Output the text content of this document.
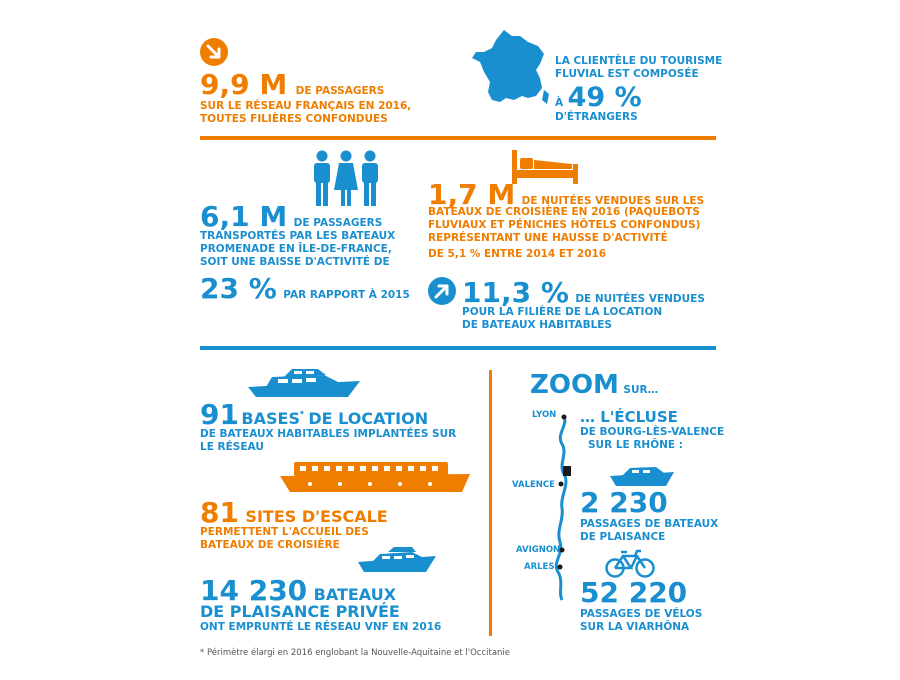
9,9 M DE PASSAGERS
SUR LE RÉSEAU FRANÇAIS EN 2016,
TOUTES FILIÈRES CONFONDUES
LA CLIENTÈLE DU TOURISME
FLUVIAL EST COMPOSÉE
À 49 %
D'ÉTRANGERS
6,1 M DE PASSAGERS
TRANSPORTÉS PAR LES BATEAUX
PROMENADE EN ÎLE-DE-FRANCE,
SOIT UNE BAISSE D'ACTIVITÉ DE
23 % PAR RAPPORT À 2015
1,7 M DE NUITÉES VENDUES SUR LES
BATEAUX DE CROISIÈRE EN 2016 (PAQUEBOTS
FLUVIAUX ET PÉNICHES HÔTELS CONFONDUS)
REPRÉSENTANT UNE HAUSSE D'ACTIVITÉ
DE 5,1 % ENTRE 2014 ET 2016
11,3 % DE NUITÉES VENDUES
POUR LA FILIÈRE DE LA LOCATION
DE BATEAUX HABITABLES
91 BASES* DE LOCATION
DE BATEAUX HABITABLES IMPLANTÉES SUR
LE RÉSEAU
81 SITES D'ESCALE
PERMETTENT L'ACCUEIL DES
BATEAUX DE CROISIÈRE
14 230 BATEAUX
DE PLAISANCE PRIVÉE
ONT EMPRUNTÉ LE RÉSEAU VNF EN 2016
ZOOM SUR…
LYON
VALENCE
AVIGNON
ARLES
… L'ÉCLUSE
DE BOURG-LÈS-VALENCE
SUR LE RHÔNE :
2 230
PASSAGES DE BATEAUX
DE PLAISANCE
52 220
PASSAGES DE VÉLOS
SUR LA VIARHÔNA
* Périmètre élargi en 2016 englobant la Nouvelle-Aquitaine et l'Occitanie
